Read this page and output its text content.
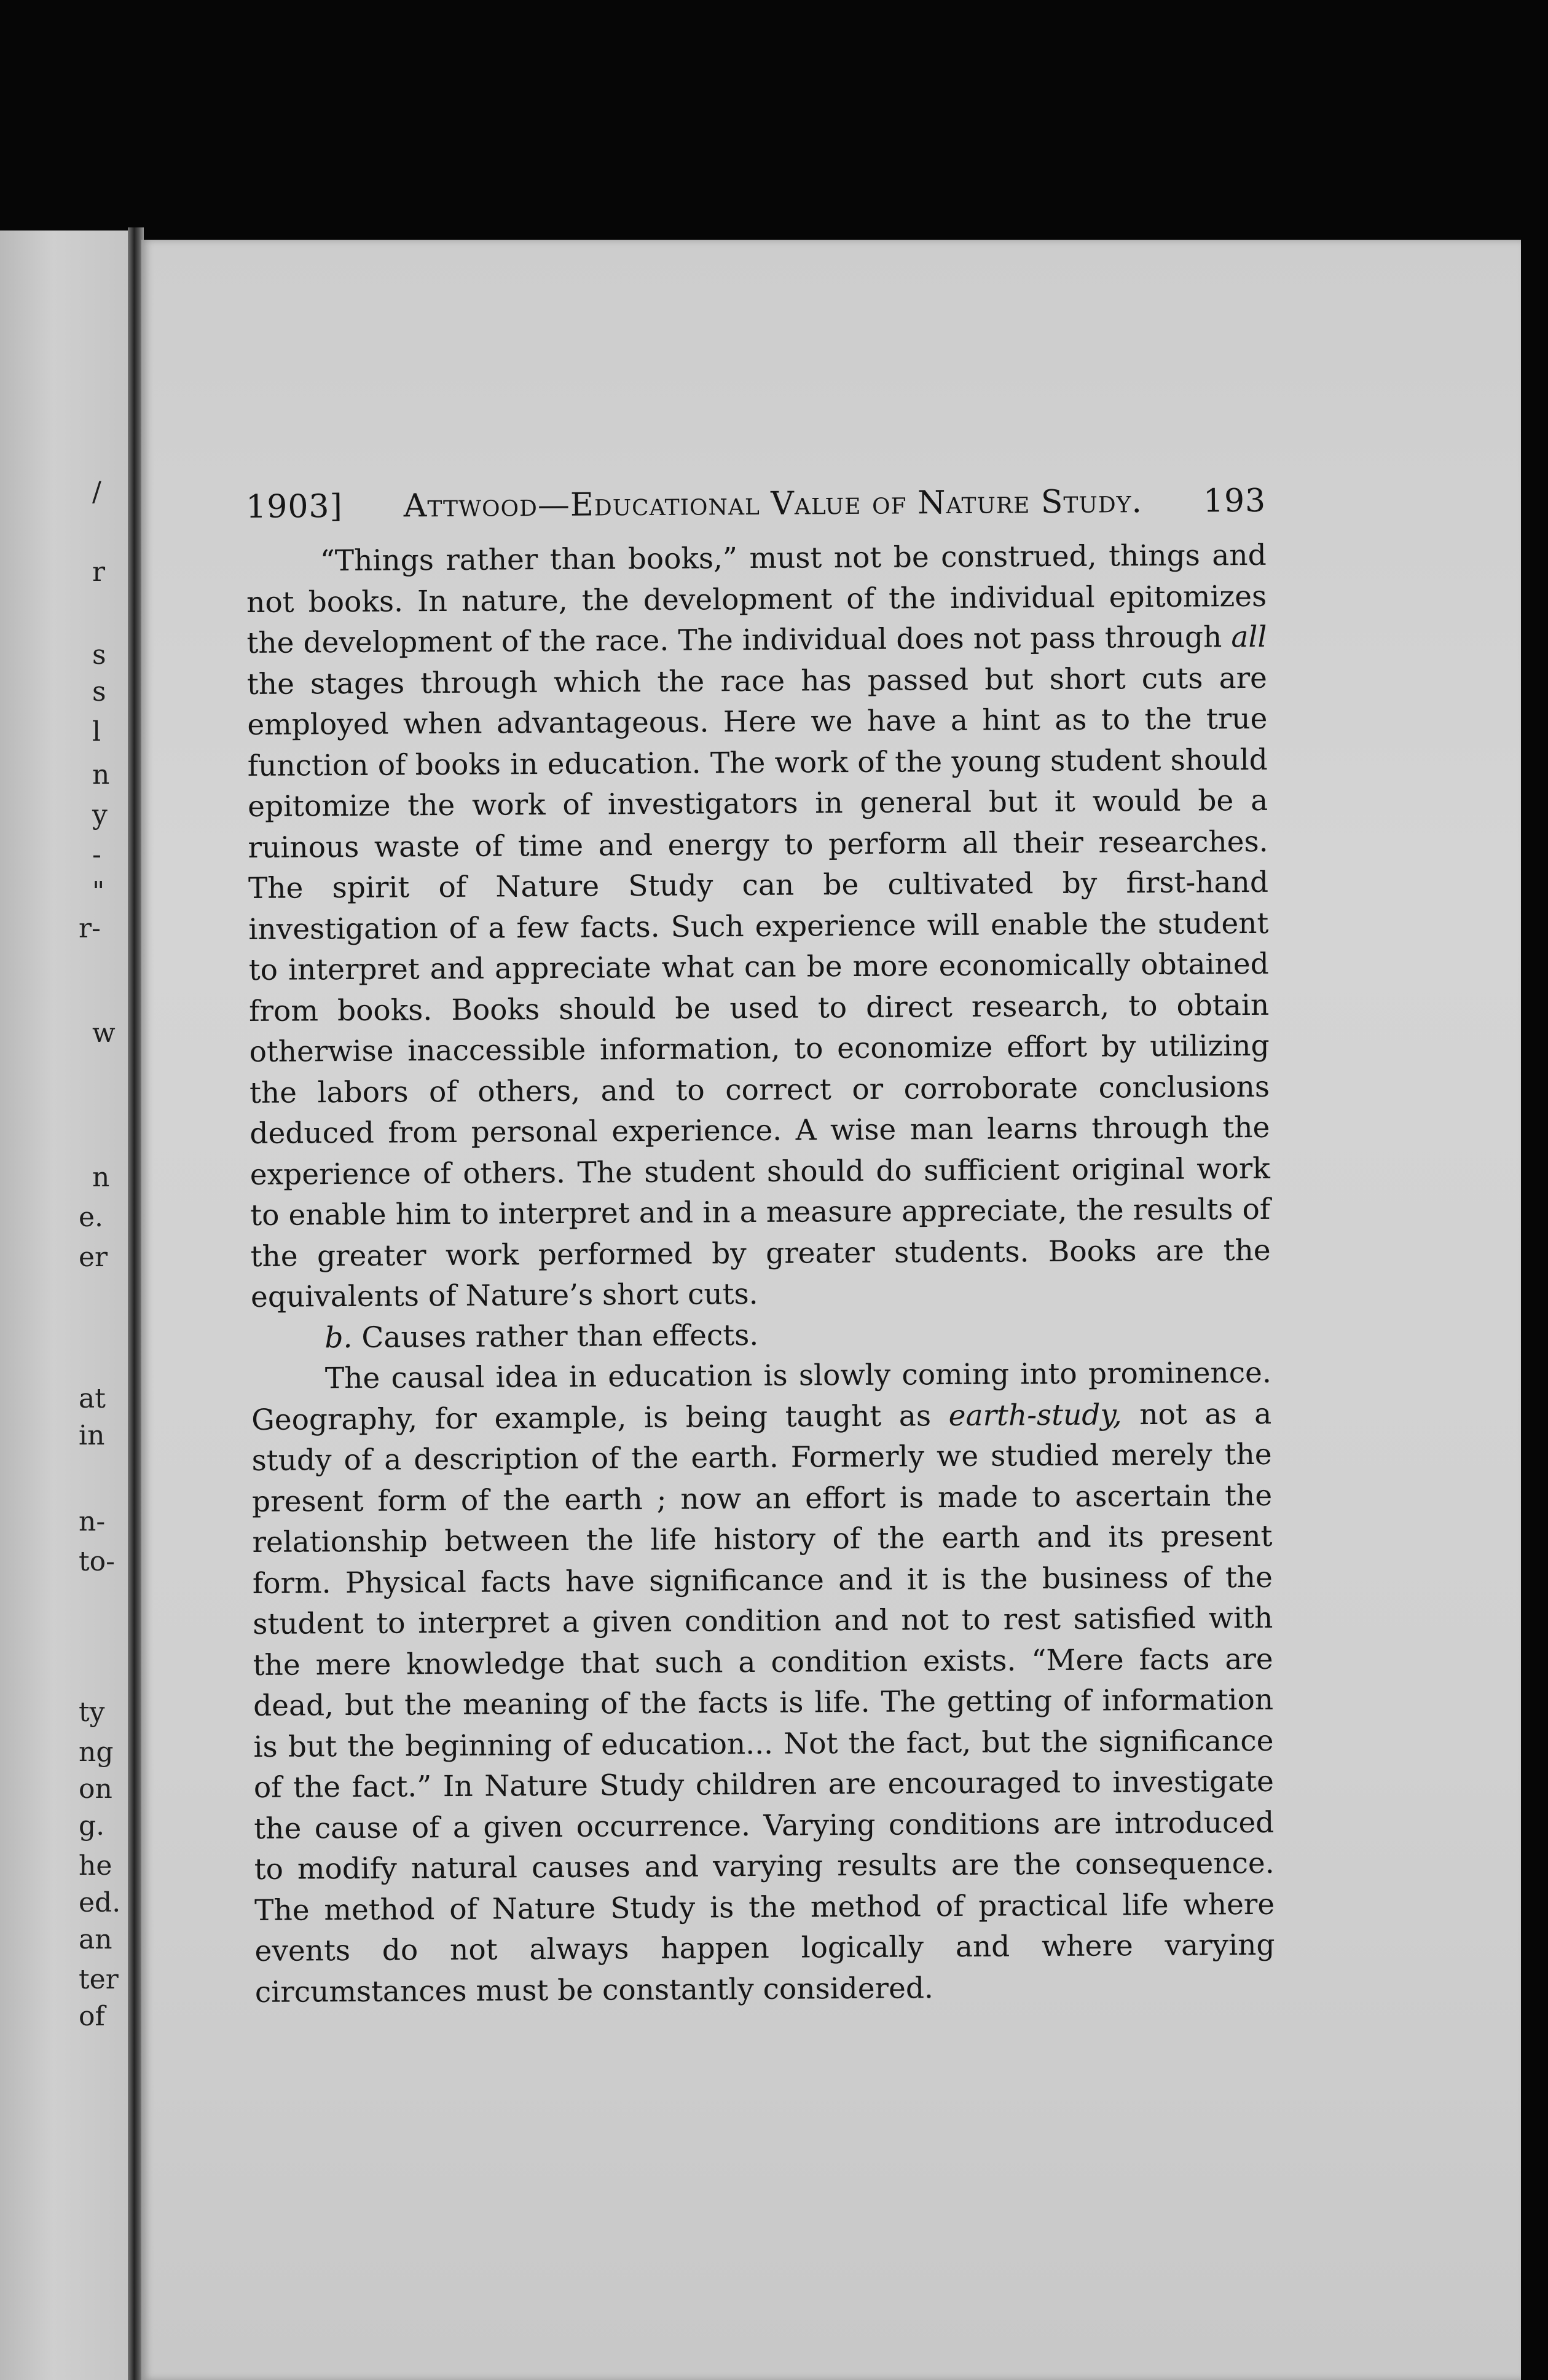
/
r
s
s
l
n
y
-
"
r-
w
n
e.
er
at
in
n-
to-
ty
ng
on
g.
he
ed.
an
ter
of
1903]	Attwood—Educational Value of Nature Study.	193

“Things rather than books,” must not be construed, things and not books. In nature, the development of the individual epitomizes the development of the race. The individual does not pass through all the stages through which the race has passed but short cuts are employed when advantageous. Here we have a hint as to the true function of books in education. The work of the young student should epitomize the work of investigators in general but it would be a ruinous waste of time and energy to perform all their researches. The spirit of Nature Study can be cultivated by first-hand investigation of a few facts. Such experience will enable the student to interpret and appreciate what can be more economically obtained from books. Books should be used to direct research, to obtain otherwise inaccessible information, to economize effort by utilizing the labors of others, and to correct or corroborate conclusions deduced from personal experience. A wise man learns through the experience of others. The student should do sufficient original work to enable him to interpret and in a measure appreciate, the results of the greater work performed by greater students. Books are the equivalents of Nature’s short cuts.

b. Causes rather than effects.

The causal idea in education is slowly coming into prominence. Geography, for example, is being taught as earth-study, not as a study of a description of the earth. Formerly we studied merely the present form of the earth ; now an effort is made to ascertain the relationship between the life history of the earth and its present form. Physical facts have significance and it is the business of the student to interpret a given condition and not to rest satisfied with the mere knowledge that such a condition exists. “Mere facts are dead, but the meaning of the facts is life. The getting of information is but the beginning of education... Not the fact, but the significance of the fact.” In Nature Study children are encouraged to investigate the cause of a given occurrence. Varying conditions are introduced to modify natural causes and varying results are the consequence. The method of Nature Study is the method of practical life where events do not always happen logically and where varying circumstances must be constantly considered.
